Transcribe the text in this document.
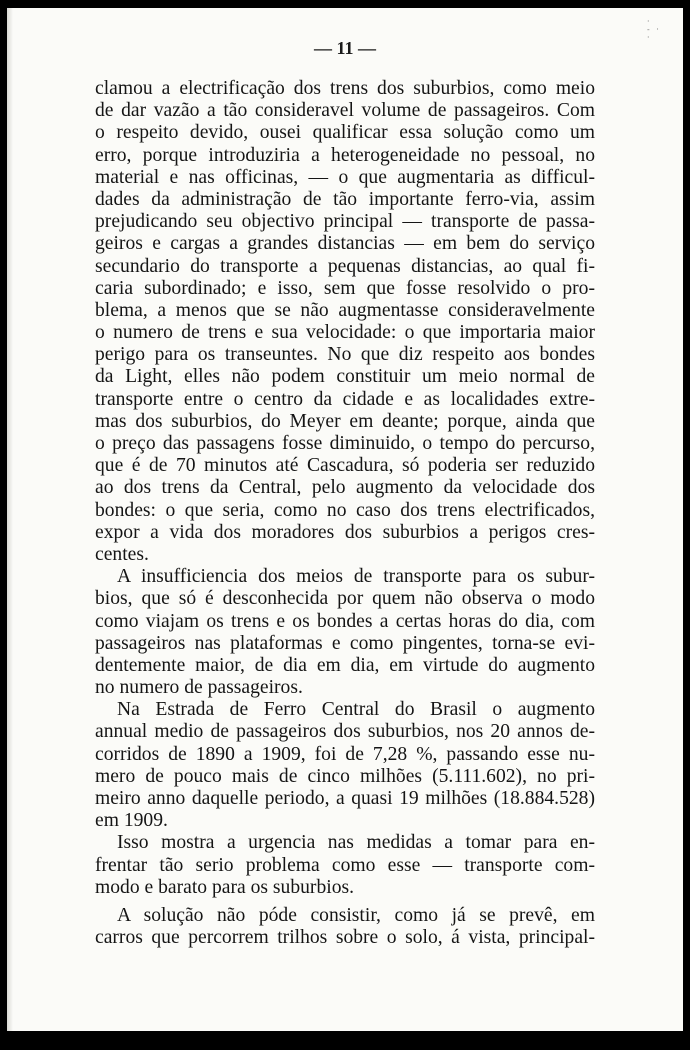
·
- · ·
— 11 —
clamou a electrificação dos trens dos suburbios, como meio
de dar vazão a tão consideravel volume de passageiros. Com
o respeito devido, ousei qualificar essa solução como um
erro, porque introduziria a heterogeneidade no pessoal, no
material e nas officinas, — o que augmentaria as difficul-
dades da administração de tão importante ferro-via, assim
prejudicando seu objectivo principal — transporte de passa-
geiros e cargas a grandes distancias — em bem do serviço
secundario do transporte a pequenas distancias, ao qual fi-
caria subordinado; e isso, sem que fosse resolvido o pro-
blema, a menos que se não augmentasse consideravelmente
o numero de trens e sua velocidade: o que importaria maior
perigo para os transeuntes. No que diz respeito aos bondes
da Light, elles não podem constituir um meio normal de
transporte entre o centro da cidade e as localidades extre-
mas dos suburbios, do Meyer em deante; porque, ainda que
o preço das passagens fosse diminuido, o tempo do percurso,
que é de 70 minutos até Cascadura, só poderia ser reduzido
ao dos trens da Central, pelo augmento da velocidade dos
bondes: o que seria, como no caso dos trens electrificados,
expor a vida dos moradores dos suburbios a perigos cres-
centes.
A insufficiencia dos meios de transporte para os subur-
bios, que só é desconhecida por quem não observa o modo
como viajam os trens e os bondes a certas horas do dia, com
passageiros nas plataformas e como pingentes, torna-se evi-
dentemente maior, de dia em dia, em virtude do augmento
no numero de passageiros.
Na Estrada de Ferro Central do Brasil o augmento
annual medio de passageiros dos suburbios, nos 20 annos de-
corridos de 1890 a 1909, foi de 7,28 %, passando esse nu-
mero de pouco mais de cinco milhões (5.111.602), no pri-
meiro anno daquelle periodo, a quasi 19 milhões (18.884.528)
em 1909.
Isso mostra a urgencia nas medidas a tomar para en-
frentar tão serio problema como esse — transporte com-
modo e barato para os suburbios.
A solução não póde consistir, como já se prevê, em
carros que percorrem trilhos sobre o solo, á vista, principal-
